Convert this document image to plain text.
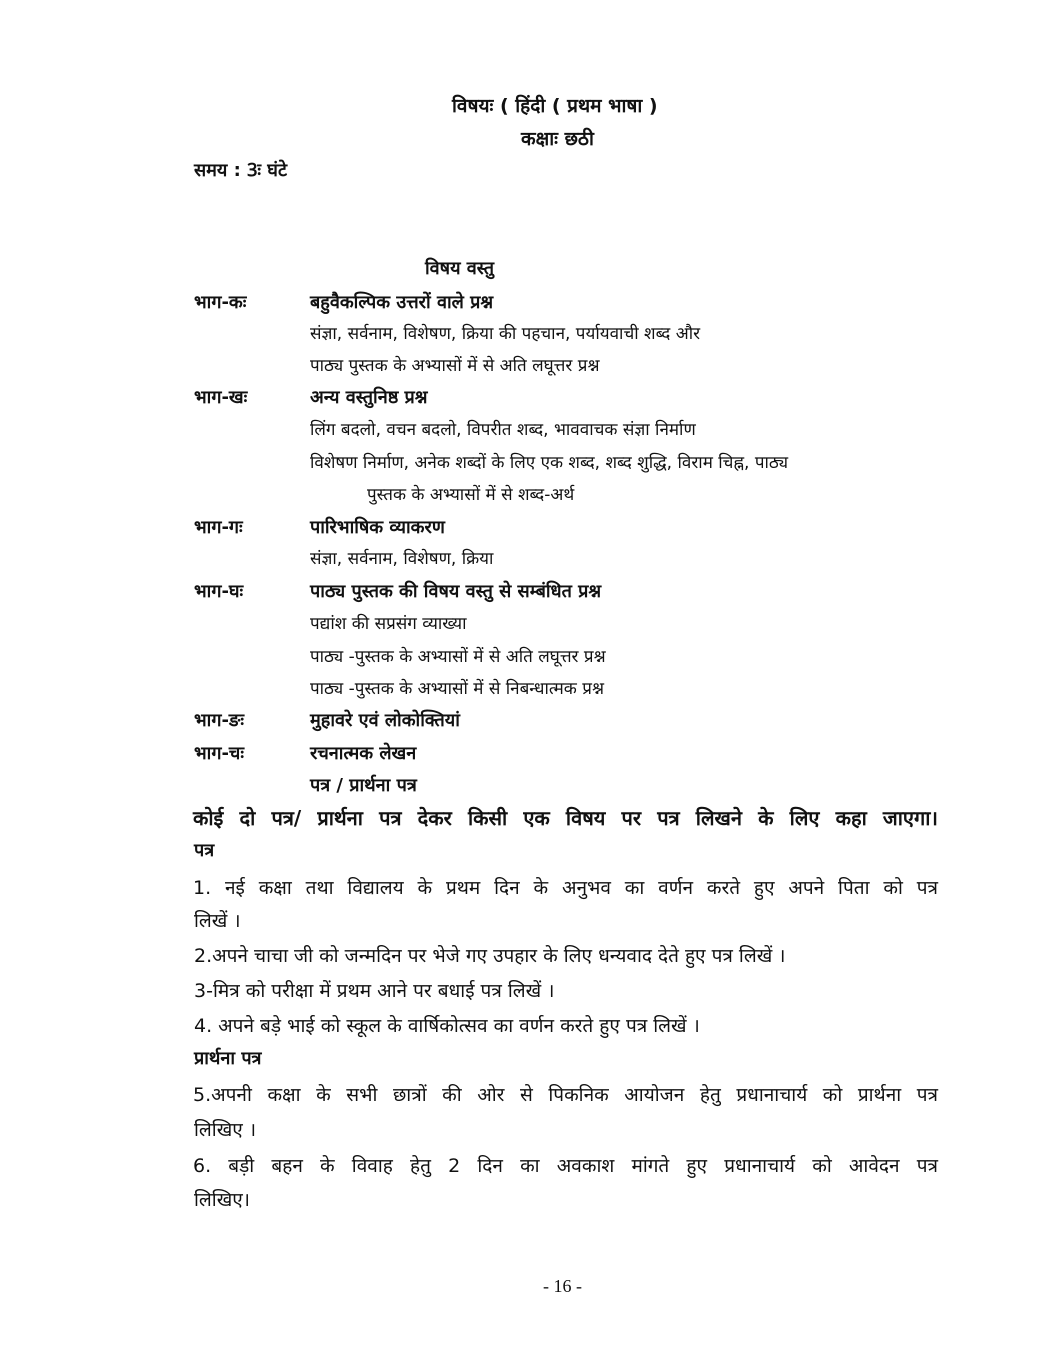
विषयः ( हिंदी ( प्रथम भाषा )
कक्षाः छठी
समय : 3ः घंटे
विषय वस्तु
भाग-कः	बहुवैकल्पिक उत्तरों वाले प्रश्न
संज्ञा, सर्वनाम, विशेषण, क्रिया की पहचान, पर्यायवाची शब्द और
पाठ्य पुस्तक के अभ्यासों में से अति लघूत्तर प्रश्न
भाग-खः	अन्य वस्तुनिष्ठ प्रश्न
लिंग बदलो, वचन बदलो, विपरीत शब्द, भाववाचक संज्ञा निर्माण
विशेषण निर्माण, अनेक शब्दों के लिए एक शब्द, शब्द शुद्धि, विराम चिह्न, पाठ्य
पुस्तक के अभ्यासों में से शब्द-अर्थ
भाग-गः	पारिभाषिक व्याकरण
संज्ञा, सर्वनाम, विशेषण, क्रिया
भाग-घः	पाठ्य पुस्तक की विषय वस्तु से सम्बंधित प्रश्न
पद्यांश की सप्रसंग व्याख्या
पाठ्य -पुस्तक के अभ्यासों में से अति लघूत्तर प्रश्न
पाठ्य -पुस्तक के अभ्यासों में से निबन्धात्मक प्रश्न
भाग-ङः	मुहावरे एवं लोकोक्तियां
भाग-चः	रचनात्मक लेखन
पत्र / प्रार्थना पत्र
कोई दो पत्र/ प्रार्थना पत्र देकर किसी एक विषय पर पत्र लिखने के लिए कहा जाएगा।
पत्र
1. नई कक्षा तथा विद्यालय के प्रथम दिन के अनुभव का वर्णन करते हुए अपने पिता को पत्र
लिखें ।
2.अपने चाचा जी को जन्मदिन पर भेजे गए उपहार के लिए धन्यवाद देते हुए पत्र लिखें ।
3-मित्र को परीक्षा में प्रथम आने पर बधाई पत्र लिखें ।
4. अपने बड़े भाई को स्कूल के वार्षिकोत्सव का वर्णन करते हुए पत्र लिखें ।
प्रार्थना पत्र
5.अपनी कक्षा के सभी छात्रों की ओर से पिकनिक आयोजन हेतु प्रधानाचार्य को प्रार्थना पत्र
लिखिए ।
6. बड़ी बहन के विवाह हेतु 2 दिन का अवकाश मांगते हुए प्रधानाचार्य को आवेदन पत्र
लिखिए।
- 16 -
